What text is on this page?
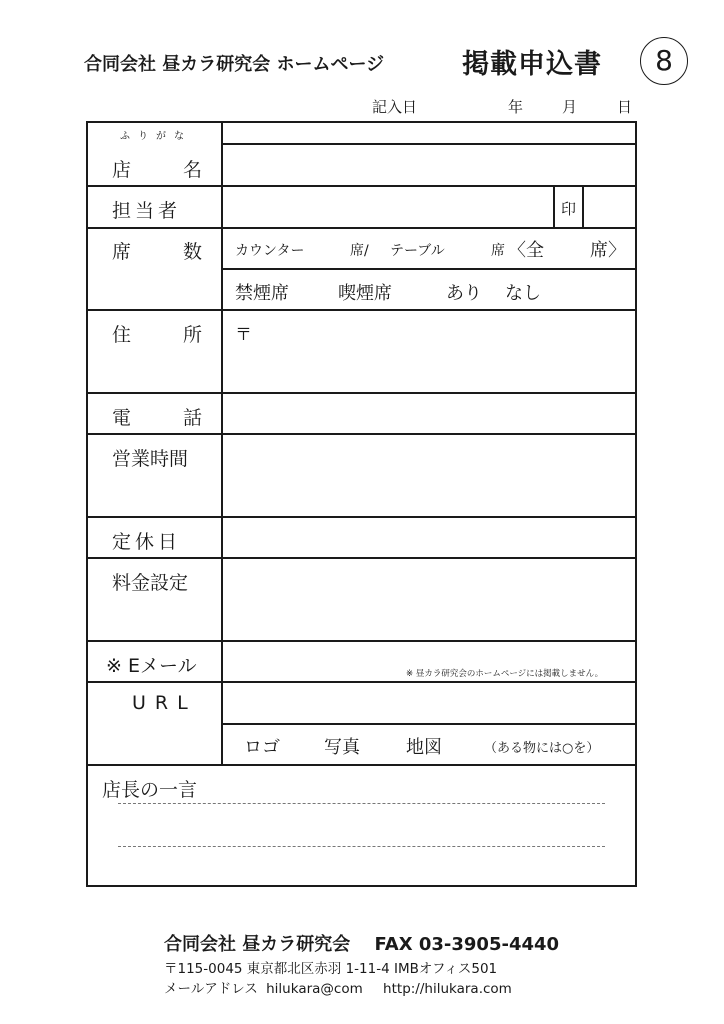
合同会社 昼カラ研究会 ホームページ	掲載申込書	8
記入日	年	月	日
ふりがな
店　名
担当者	印
席　数 カウンター	席/ テーブル	席 〈全	席〉
禁煙席	喫煙席	あり なし
住　所 〒
電　話
営業時間
定休日
料金設定
※ Eメール	※ 昼カラ研究会のホームページには掲載しません。
URL
ロゴ 写真	地図	（ある物には○を）
店長の一言
合同会社 昼カラ研究会 FAX 03-3905-4440
〒115-0045 東京都北区赤羽 1-11-4 IMBオフィス501
メールアドレス hilukara@com http://hilukara.com
